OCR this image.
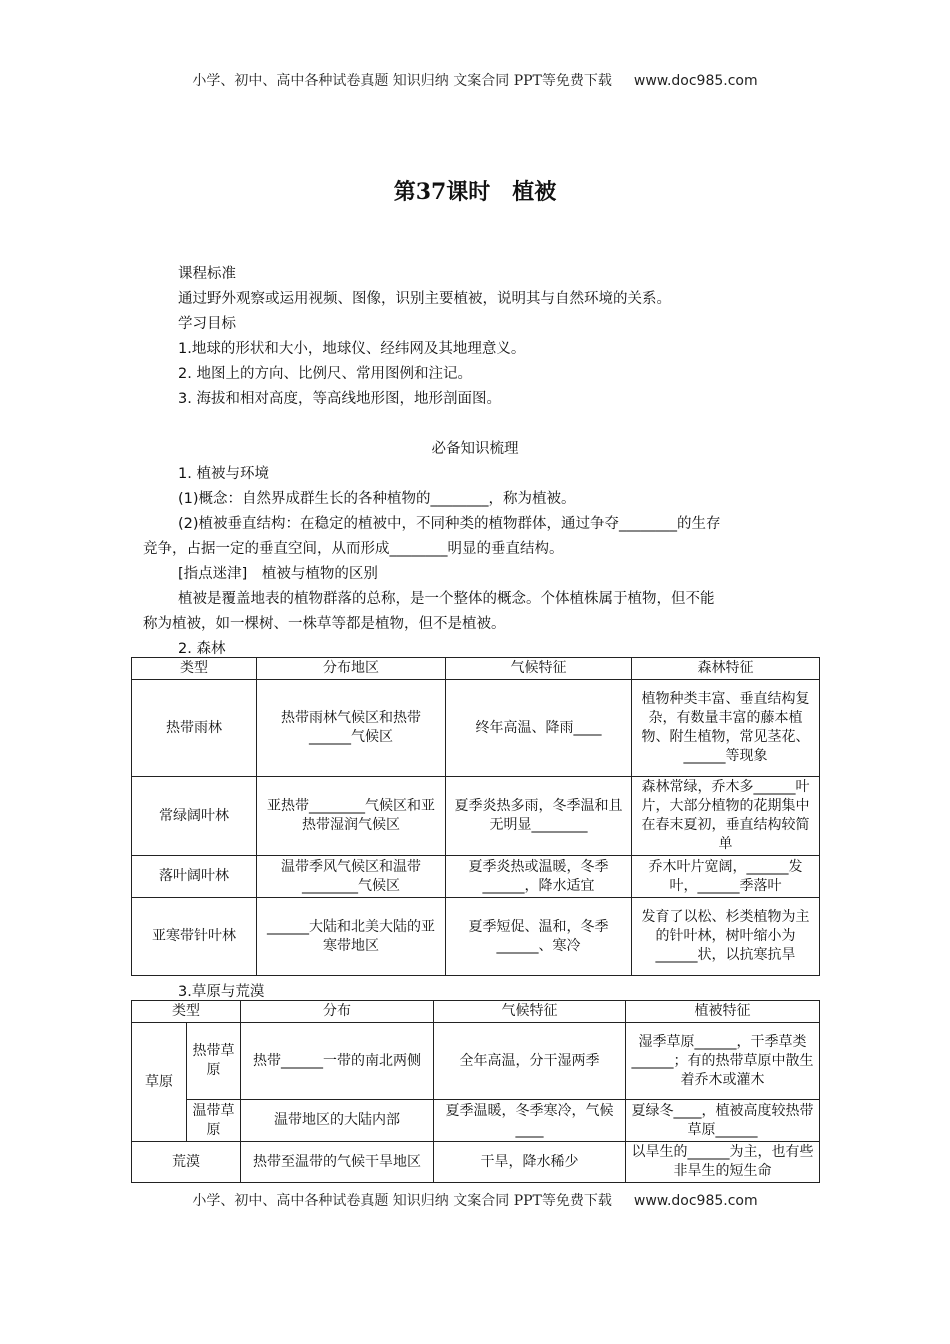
小学、初中、高中各种试卷真题 知识归纳 文案合同 PPT等免费下载 www.doc985.com
第37课时　植被
课程标准
通过野外观察或运用视频、图像，识别主要植被，说明其与自然环境的关系。
学习目标
1.地球的形状和大小，地球仪、经纬网及其地理意义。
2. 地图上的方向、比例尺、常用图例和注记。
3. 海拔和相对高度，等高线地形图，地形剖面图。
必备知识梳理
1. 植被与环境
(1)概念：自然界成群生长的各种植物的________，称为植被。
(2)植被垂直结构：在稳定的植被中，不同种类的植物群体，通过争夺________的生存
竞争，占据一定的垂直空间，从而形成________明显的垂直结构。
[指点迷津]　植被与植物的区别
植被是覆盖地表的植物群落的总称，是一个整体的概念。个体植株属于植物，但不能
称为植被，如一棵树、一株草等都是植物，但不是植被。
2. 森林
类型	分布地区	气候特征	森林特征
热带雨林	热带雨林气候区和热带______气候区	终年高温、降雨____	植物种类丰富、垂直结构复杂，有数量丰富的藤本植物、附生植物，常见茎花、______等现象
常绿阔叶林	亚热带________气候区和亚热带湿润气候区	夏季炎热多雨，冬季温和且无明显________	森林常绿，乔木多______叶片，大部分植物的花期集中在春末夏初，垂直结构较简单
落叶阔叶林	温带季风气候区和温带________气候区	夏季炎热或温暖，冬季______，降水适宜	乔木叶片宽阔，______发叶，______季落叶
亚寒带针叶林	______大陆和北美大陆的亚寒带地区	夏季短促、温和，冬季______、寒冷	发育了以松、杉类植物为主的针叶林，树叶缩小为______状，以抗寒抗旱
3.草原与荒漠
类型		分布	气候特征	植被特征
草原	热带草原	热带______一带的南北两侧	全年高温，分干湿两季	湿季草原______，干季草类______；有的热带草原中散生着乔木或灌木
	温带草原	温带地区的大陆内部	夏季温暖，冬季寒冷，气候____	夏绿冬____，植被高度较热带草原______
荒漠		热带至温带的气候干旱地区	干旱，降水稀少	以旱生的______为主，也有些非旱生的短生命
小学、初中、高中各种试卷真题 知识归纳 文案合同 PPT等免费下载 www.doc985.com
